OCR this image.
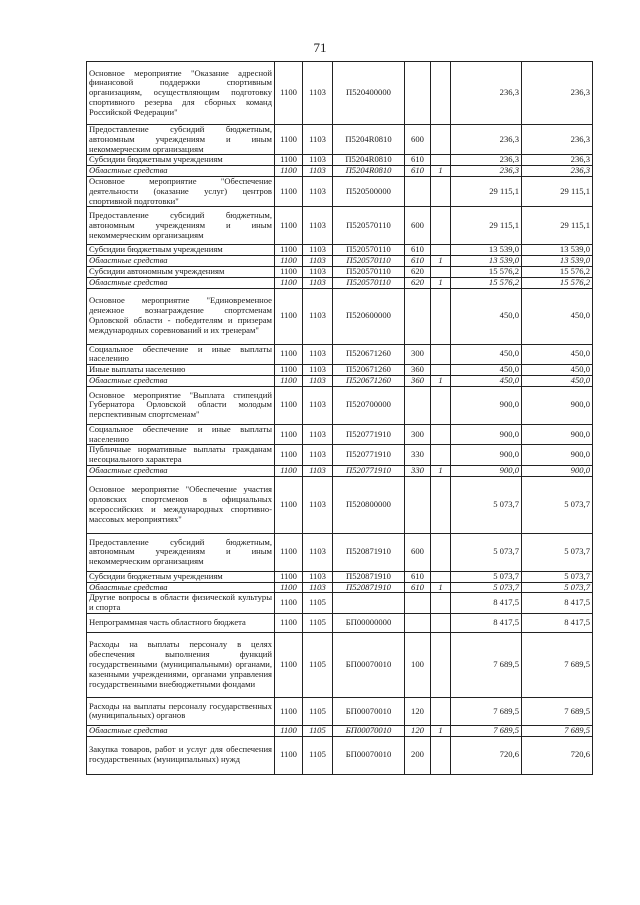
71
Основное мероприятие "Оказание адресной финансовой поддержки спортивным организациям, осуществляющим подготовку спортивного резерва для сборных команд Российской Федерации"	1100	1103	П520400000			236,3	236,3
Предоставление субсидий бюджетным, автономным учреждениям и иным некоммерческим организациям	1100	1103	П5204R0810	600		236,3	236,3
Субсидии бюджетным учреждениям	1100	1103	П5204R0810	610		236,3	236,3
Областные средства	1100	1103	П5204R0810	610	1	236,3	236,3
Основное мероприятие "Обеспечение деятельности (оказание услуг) центров спортивной подготовки"	1100	1103	П520500000			29 115,1	29 115,1
Предоставление субсидий бюджетным, автономным учреждениям и иным некоммерческим организациям	1100	1103	П520570110	600		29 115,1	29 115,1
Субсидии бюджетным учреждениям	1100	1103	П520570110	610		13 539,0	13 539,0
Областные средства	1100	1103	П520570110	610	1	13 539,0	13 539,0
Субсидии автономным учреждениям	1100	1103	П520570110	620		15 576,2	15 576,2
Областные средства	1100	1103	П520570110	620	1	15 576,2	15 576,2
Основное мероприятие "Единовременное денежное вознаграждение спортсменам Орловской области - победителям и призерам международных соревнований и их тренерам"	1100	1103	П520600000			450,0	450,0
Социальное обеспечение и иные выплаты населению	1100	1103	П520671260	300		450,0	450,0
Иные выплаты населению	1100	1103	П520671260	360		450,0	450,0
Областные средства	1100	1103	П520671260	360	1	450,0	450,0
Основное мероприятие "Выплата стипендий Губернатора Орловской области молодым перспективным спортсменам"	1100	1103	П520700000			900,0	900,0
Социальное обеспечение и иные выплаты населению	1100	1103	П520771910	300		900,0	900,0
Публичные нормативные выплаты гражданам несоциального характера	1100	1103	П520771910	330		900,0	900,0
Областные средства	1100	1103	П520771910	330	1	900,0	900,0
Основное мероприятие "Обеспечение участия орловских спортсменов в официальных всероссийских и международных спортивно-массовых мероприятиях"	1100	1103	П520800000			5 073,7	5 073,7
Предоставление субсидий бюджетным, автономным учреждениям и иным некоммерческим организациям	1100	1103	П520871910	600		5 073,7	5 073,7
Субсидии бюджетным учреждениям	1100	1103	П520871910	610		5 073,7	5 073,7
Областные средства	1100	1103	П520871910	610	1	5 073,7	5 073,7
Другие вопросы в области физической культуры и спорта	1100	1105				8 417,5	8 417,5
Непрограммная часть областного бюджета	1100	1105	БП00000000			8 417,5	8 417,5
Расходы на выплаты персоналу в целях обеспечения выполнения функций государственными (муниципальными) органами, казенными учреждениями, органами управления государственными внебюджетными фондами	1100	1105	БП00070010	100		7 689,5	7 689,5
Расходы на выплаты персоналу государственных (муниципальных) органов	1100	1105	БП00070010	120		7 689,5	7 689,5
Областные средства	1100	1105	БП00070010	120	1	7 689,5	7 689,5
Закупка товаров, работ и услуг для обеспечения государственных (муниципальных) нужд	1100	1105	БП00070010	200		720,6	720,6
